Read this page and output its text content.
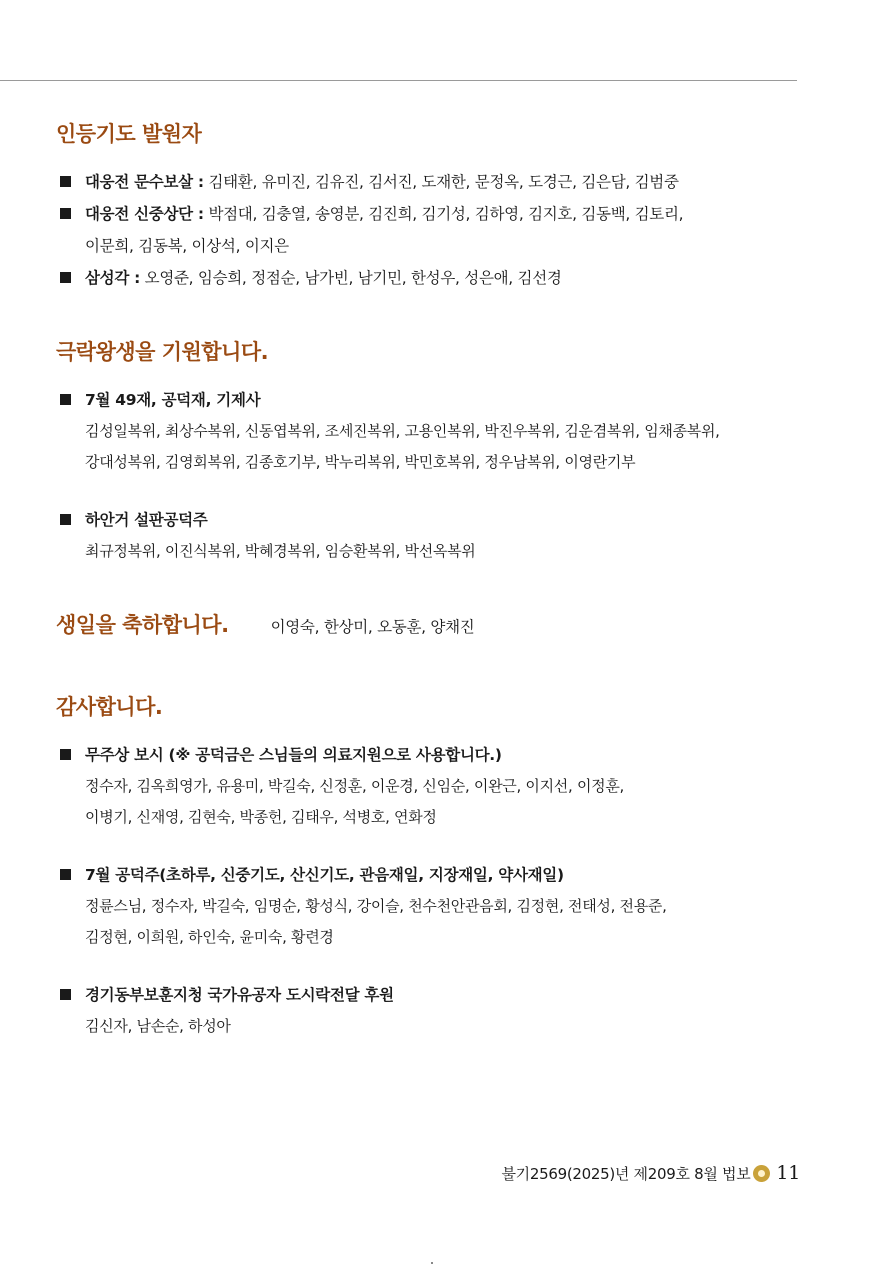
인등기도 발원자
대웅전 문수보살 : 김태환, 유미진, 김유진, 김서진, 도재한, 문정옥, 도경근, 김은담, 김범중
대웅전 신중상단 : 박점대, 김충열, 송영분, 김진희, 김기성, 김하영, 김지호, 김동백, 김토리,
이문희, 김동복, 이상석, 이지은
삼성각 : 오영준, 임승희, 정점순, 남가빈, 남기민, 한성우, 성은애, 김선경
극락왕생을 기원합니다.
7월 49재, 공덕재, 기제사
김성일복위, 최상수복위, 신동엽복위, 조세진복위, 고용인복위, 박진우복위, 김운겸복위, 임채종복위,
강대성복위, 김영회복위, 김종호기부, 박누리복위, 박민호복위, 정우남복위, 이영란기부
하안거 설판공덕주
최규정복위, 이진식복위, 박혜경복위, 임승환복위, 박선옥복위
생일을 축하합니다.	이영숙, 한상미, 오동훈, 양채진
감사합니다.
무주상 보시 (※ 공덕금은 스님들의 의료지원으로 사용합니다.)
정수자, 김옥희영가, 유용미, 박길숙, 신정훈, 이운경, 신임순, 이완근, 이지선, 이정훈,
이병기, 신재영, 김현숙, 박종헌, 김태우, 석병호, 연화정
7월 공덕주(초하루, 신중기도, 산신기도, 관음재일, 지장재일, 약사재일)
정륜스님, 정수자, 박길숙, 임명순, 황성식, 강이슬, 천수천안관음회, 김정현, 전태성, 전용준,
김정현, 이희원, 하인숙, 윤미숙, 황련경
경기동부보훈지청 국가유공자 도시락전달 후원
김신자, 남손순, 하성아
불기2569(2025)년 제209호 8월 법보 11
